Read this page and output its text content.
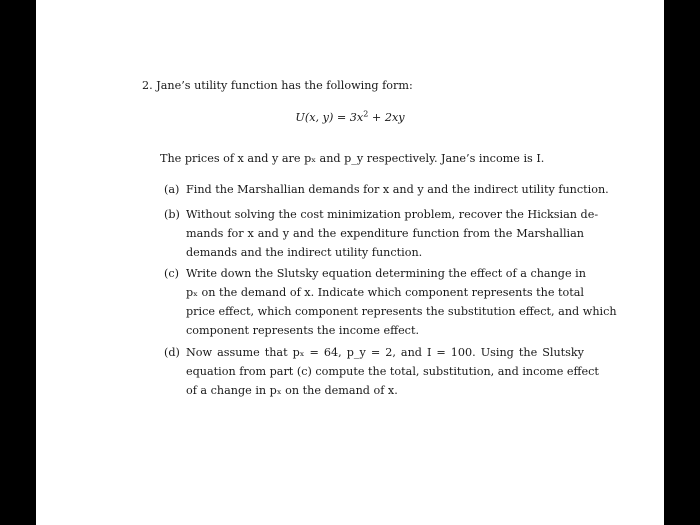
2. Jane’s utility function has the following form:
U(x, $y) = 3x^2 + 2xy$
The prices of x and y are pₓ and p_y respectively. Jane’s income is I.
(a) Find the Marshallian demands for x and y and the indirect utility function.
(b) Without solving the cost minimization problem, recover the Hicksian de-
mands for x and y and the expenditure function from the Marshallian
demands and the indirect utility function.
(c) Write down the Slutsky equation determining the effect of a change in
pₓ on the demand of x. Indicate which component represents the total
price effect, which component represents the substitution effect, and which
component represents the income effect.
(d) Now assume that pₓ = 64, p_y = 2, and I = 100. Using the Slutsky
equation from part (c) compute the total, substitution, and income effect
of a change in pₓ on the demand of x.
